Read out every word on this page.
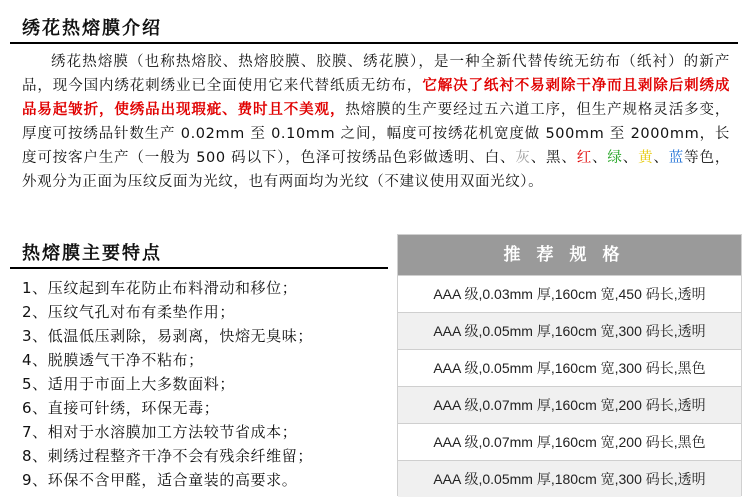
绣花热熔膜介绍
绣花热熔膜（也称热熔胶、热熔胶膜、胶膜、绣花膜），是一种全新代替传统无纺布（纸衬）的新产品，现今国内绣花刺绣业已全面使用它来代替纸质无纺布，它解决了纸衬不易剥除干净而且剥除后刺绣成品易起皱折，使绣品出现瑕疵、费时且不美观，热熔膜的生产要经过五六道工序，但生产规格灵活多变，厚度可按绣品针数生产 0.02mm 至 0.10mm 之间，幅度可按绣花机宽度做 500mm 至 2000mm，长度可按客户生产（一般为 500 码以下），色泽可按绣品色彩做透明、白、灰、黑、红、绿、黄、蓝等色，外观分为正面为压纹反面为光纹，也有两面均为光纹（不建议使用双面光纹）。
热熔膜主要特点
1、压纹起到车花防止布料滑动和移位；
2、压纹气孔对布有柔垫作用；
3、低温低压剥除，易剥离，快熔无臭味；
4、脱膜透气干净不粘布；
5、适用于市面上大多数面料；
6、直接可针绣，环保无毒；
7、相对于水溶膜加工方法较节省成本；
8、刺绣过程整齐干净不会有残余纤维留；
9、环保不含甲醛，适合童装的高要求。
推荐规格
AAA 级,0.03mm 厚,160cm 宽,450 码长,透明
AAA 级,0.05mm 厚,160cm 宽,300 码长,透明
AAA 级,0.05mm 厚,160cm 宽,300 码长,黑色
AAA 级,0.07mm 厚,160cm 宽,200 码长,透明
AAA 级,0.07mm 厚,160cm 宽,200 码长,黑色
AAA 级,0.05mm 厚,180cm 宽,300 码长,透明
